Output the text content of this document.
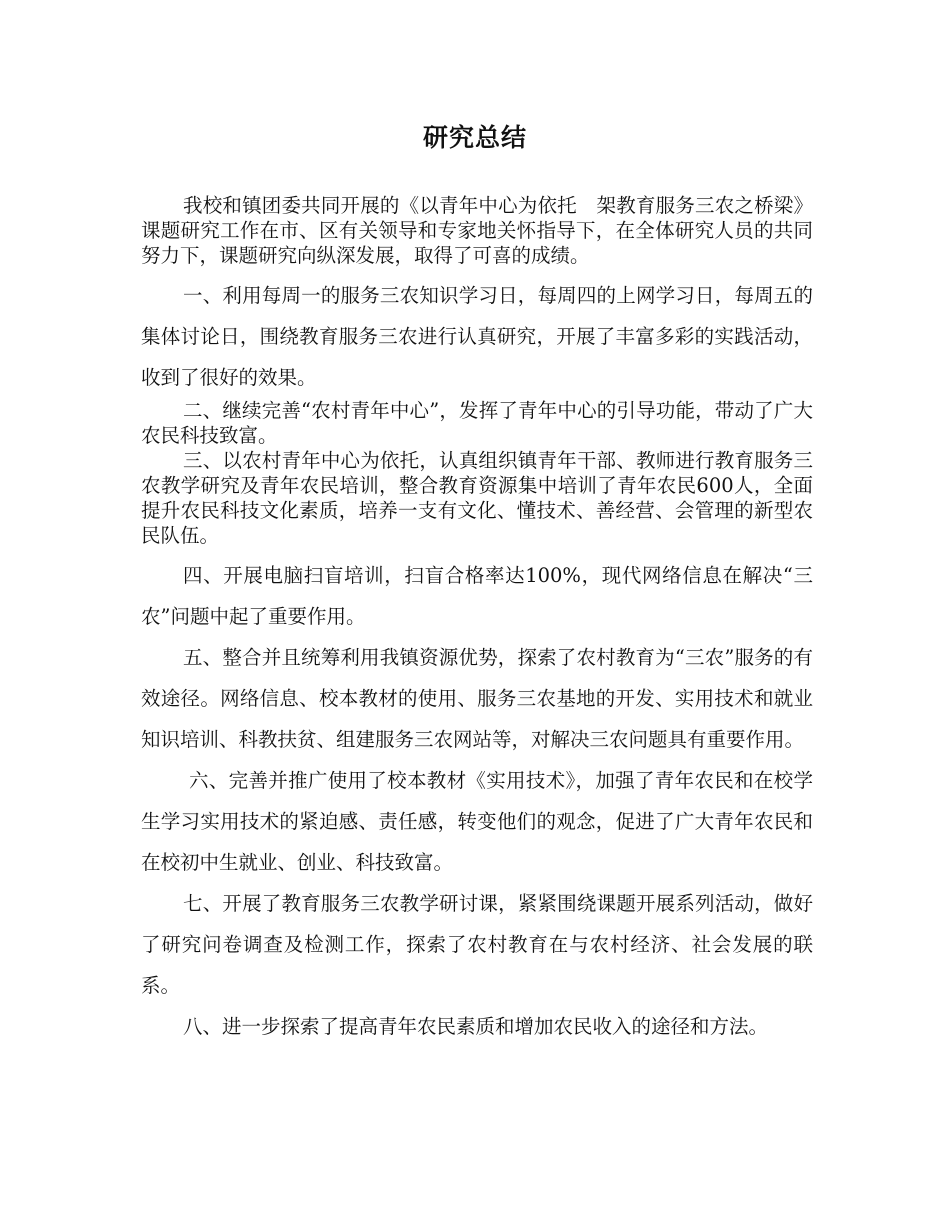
研究总结

我校和镇团委共同开展的《以青年中心为依托　架教育服务三农之桥梁》课题研究工作在市、区有关领导和专家地关怀指导下，在全体研究人员的共同努力下，课题研究向纵深发展，取得了可喜的成绩。

一、利用每周一的服务三农知识学习日，每周四的上网学习日，每周五的集体讨论日，围绕教育服务三农进行认真研究，开展了丰富多彩的实践活动，收到了很好的效果。

二、继续完善“农村青年中心”，发挥了青年中心的引导功能，带动了广大农民科技致富。

三、以农村青年中心为依托，认真组织镇青年干部、教师进行教育服务三农教学研究及青年农民培训，整合教育资源集中培训了青年农民600人，全面提升农民科技文化素质，培养一支有文化、懂技术、善经营、会管理的新型农民队伍。

四、开展电脑扫盲培训，扫盲合格率达100%，现代网络信息在解决“三农”问题中起了重要作用。

五、整合并且统筹利用我镇资源优势，探索了农村教育为“三农”服务的有效途径。网络信息、校本教材的使用、服务三农基地的开发、实用技术和就业知识培训、科教扶贫、组建服务三农网站等，对解决三农问题具有重要作用。

六、完善并推广使用了校本教材《实用技术》，加强了青年农民和在校学生学习实用技术的紧迫感、责任感，转变他们的观念，促进了广大青年农民和在校初中生就业、创业、科技致富。

七、开展了教育服务三农教学研讨课，紧紧围绕课题开展系列活动，做好了研究问卷调查及检测工作，探索了农村教育在与农村经济、社会发展的联系。

八、进一步探索了提高青年农民素质和增加农民收入的途径和方法。
